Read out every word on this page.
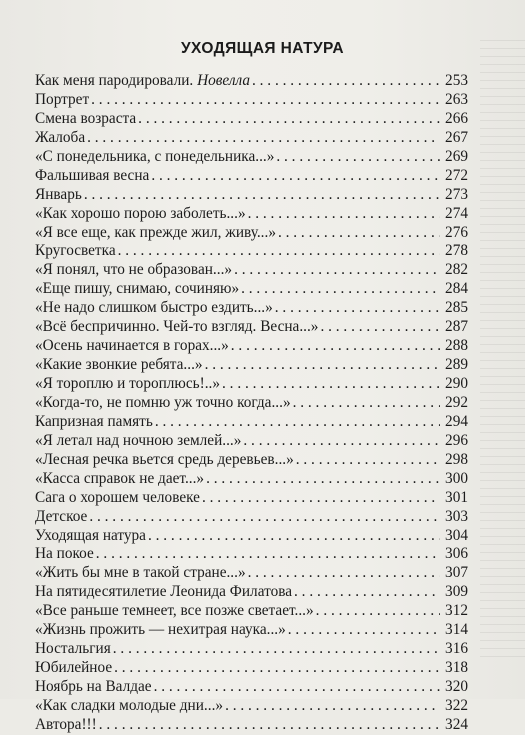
УХОДЯЩАЯ НАТУРА
Как меня пародировали. Новелла . . .	253
Портрет . . .	263
Смена возраста . . .	266
Жалоба . . .	267
«С понедельника, с понедельника...» . . .	269
Фальшивая весна . . .	272
Январь . . .	273
«Как хорошо порою заболеть...» . . .	274
«Я все еще, как прежде жил, живу...» . . .	276
Кругосветка . . .	278
«Я понял, что не образован...» . . .	282
«Еще пишу, снимаю, сочиняю» . . .	284
«Не надо слишком быстро ездить...» . . .	285
«Всё беспричинно. Чей-то взгляд. Весна...» . . .	287
«Осень начинается в горах...» . . .	288
«Какие звонкие ребята...» . . .	289
«Я тороплю и тороплюсь!..» . . .	290
«Когда-то, не помню уж точно когда...» . . .	292
Капризная память . . .	294
«Я летал над ночною землей...» . . .	296
«Лесная речка вьется средь деревьев...» . . .	298
«Касса справок не дает...» . . .	300
Сага о хорошем человеке . . .	301
Детское . . .	303
Уходящая натура . . .	304
На покое . . .	306
«Жить бы мне в такой стране...» . . .	307
На пятидесятилетие Леонида Филатова . . .	309
«Все раньше темнеет, все позже светает...» . . .	312
«Жизнь прожить — нехитрая наука...» . . .	314
Ностальгия . . .	316
Юбилейное . . .	318
Ноябрь на Валдае . . .	320
«Как сладки молодые дни...» . . .	322
Автора!!! . . .	324
